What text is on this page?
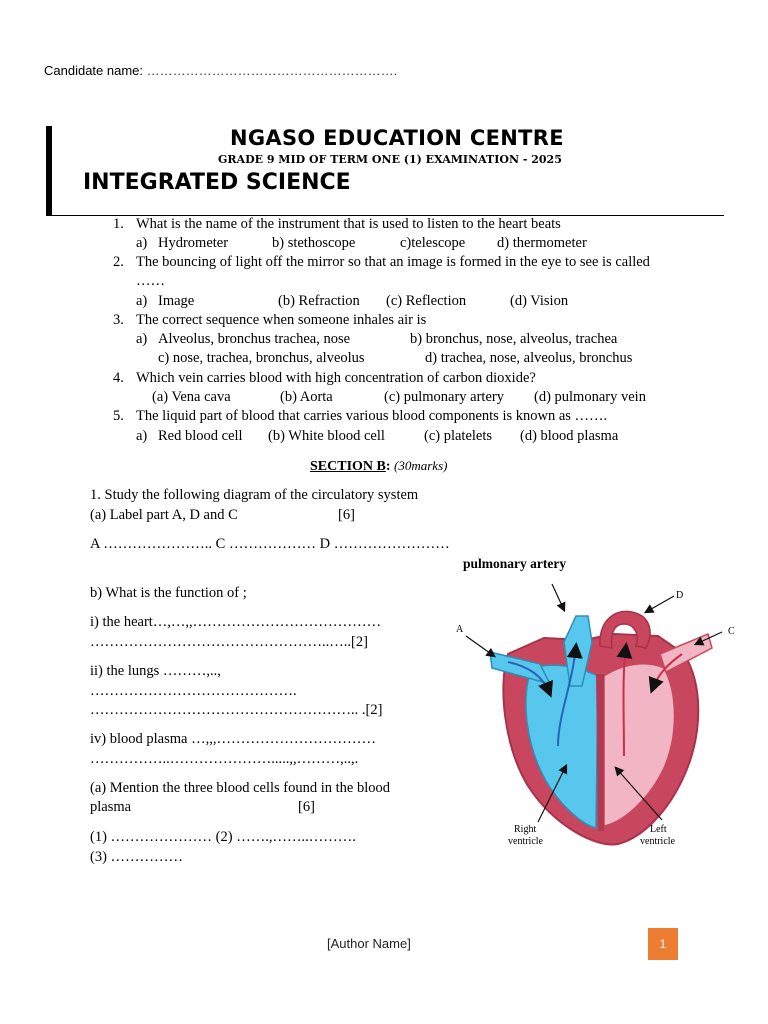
Candidate name: ………………………………………………….
NGASO EDUCATION CENTRE
GRADE 9 MID OF TERM ONE (1) EXAMINATION - 2025
INTEGRATED SCIENCE
1. What is the name of the instrument that is used to listen to the heart beats
a) Hydrometer	b) stethoscope	c)telescope d) thermometer
2. The bouncing of light off the mirror so that an image is formed in the eye to see is called
……
a) Image	(b) Refraction (c) Reflection	(d) Vision
3. The correct sequence when someone inhales air is
a) Alveolus, bronchus trachea, nose	b) bronchus, nose, alveolus, trachea
c) nose, trachea, bronchus, alveolus	d) trachea, nose, alveolus, bronchus
4. Which vein carries blood with high concentration of carbon dioxide?
(a) Vena cava	(b) Aorta	(c) pulmonary artery (d) pulmonary vein
5. The liquid part of blood that carries various blood components is known as …….
a) Red blood cell (b) White blood cell	(c) platelets (d) blood plasma
SECTION B: (30marks)
1. Study the following diagram of the circulatory system
(a) Label part A, D and C	[6]
A ………………….. C ……………… D ……………………
b) What is the function of ;
i) the heart…,…,,…………………………………
…………………………………………..…..[2]
ii) the lungs ………,..,
…………………………………….
……………………………………………….. .[2]
iv) blood plasma …,,,……………………………
……………..………………….....,,………,..,.
(a) Mention the three blood cells found in the blood
plasma	[6]
(1) ………………… (2) …….,……..……….
(3) ……………
pulmonary artery
A
D
C
Right
ventricle
Left
ventricle
[Author Name]	1
